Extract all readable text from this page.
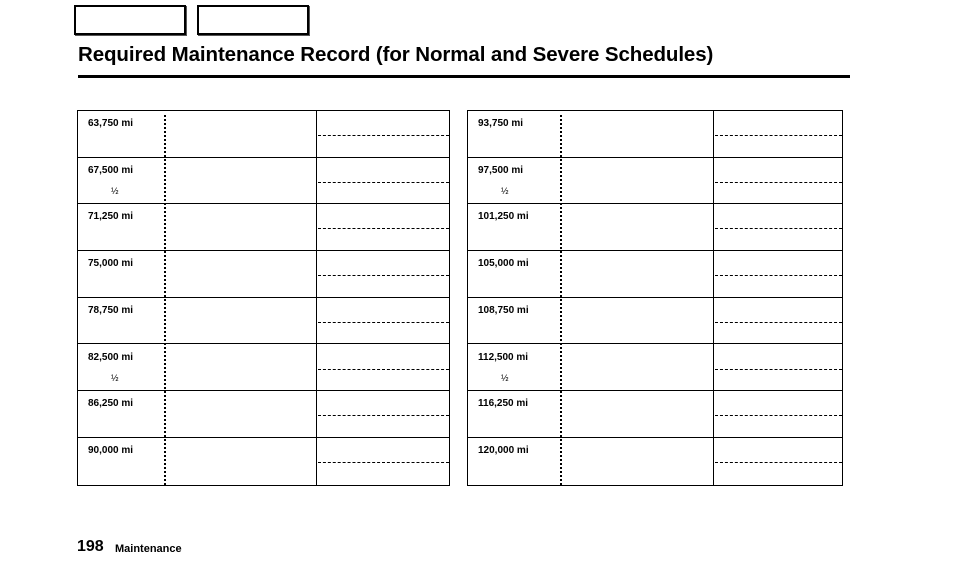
Required Maintenance Record (for Normal and Severe Schedules)
63,750 mi
67,500 mi
½
71,250 mi
75,000 mi
78,750 mi
82,500 mi
½
86,250 mi
90,000 mi
93,750 mi
97,500 mi
½
101,250 mi
105,000 mi
108,750 mi
112,500 mi
½
116,250 mi
120,000 mi
198 Maintenance
